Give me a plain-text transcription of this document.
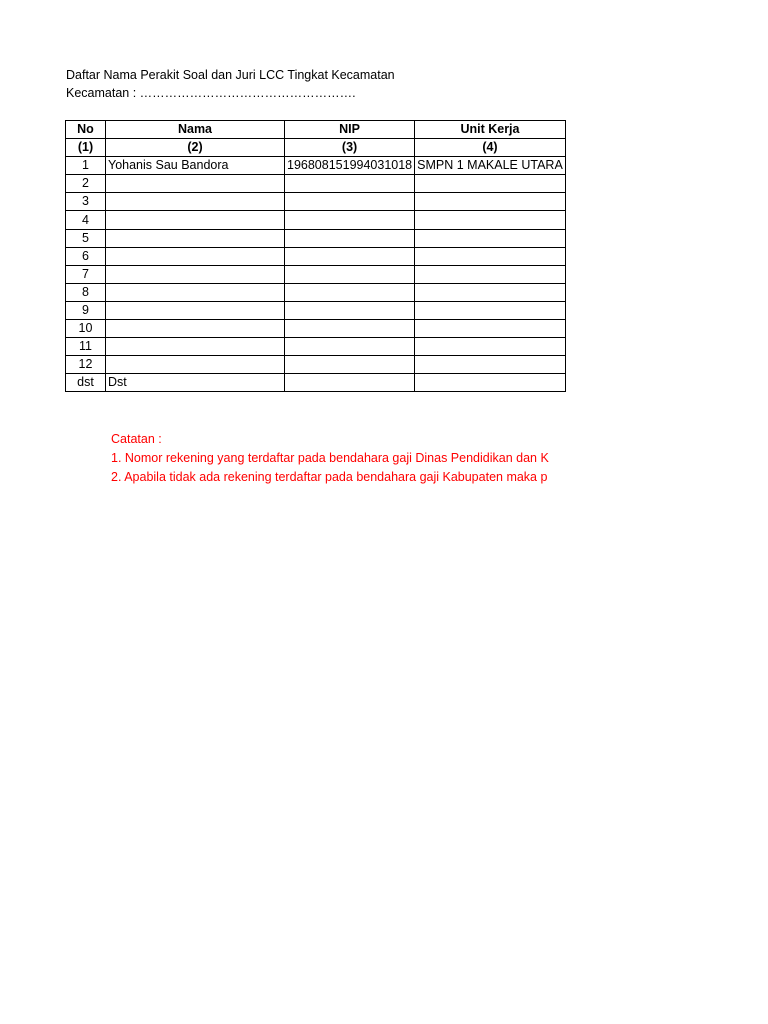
Daftar Nama Perakit Soal dan Juri LCC Tingkat Kecamatan
Kecamatan : …………………………………………….
No	Nama	NIP	Unit Kerja
(1)	(2)	(3)	(4)
1	Yohanis Sau Bandora	196808151994031018	SMPN 1 MAKALE UTARA
2			
3			
4			
5			
6			
7			
8			
9			
10			
11			
12			
dst	Dst		
Catatan :
1. Nomor rekening yang terdaftar pada bendahara gaji Dinas Pendidikan dan K
2. Apabila tidak ada rekening terdaftar pada bendahara gaji Kabupaten maka p
